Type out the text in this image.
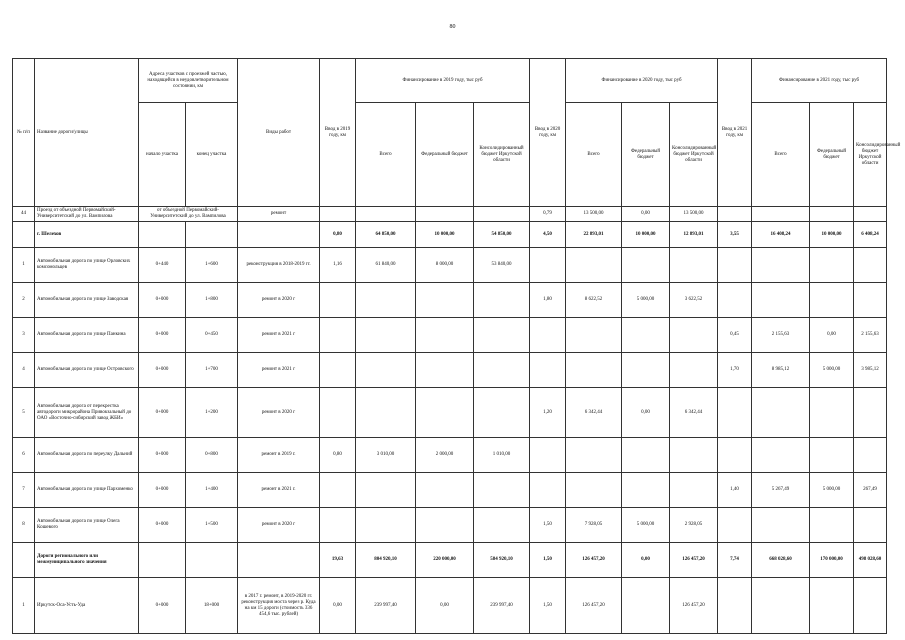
80
№ п/п	Название дороги/улицы	Адреса участков с проезжей частью, находящейся в неудовлетворительном состоянии, км		Виды работ	Ввод в 2019 году, км	Финансирование в 2019 году, тыс руб			Ввод в 2020 году, км	Финансирование в 2020 году, тыс руб			Ввод в 2021 году, км	Финансирование в 2021 году, тыс руб		
		начало участка	конец участка			Всего	Федеральный бюджет	Консолидированный бюджет Иркутской области		Всего	Федеральный бюджет	Консолидированный бюджет Иркутской области		Всего	Федеральный бюджет	Консолидированный бюджет Иркутской области
44	Проезд от объездной Первомайский-Университетский до ул. Вампилова	от объездной Первомайский-Университетский до ул. Вампилова		ремонт					0,79	13 500,00	0,00	13 500,00				
	г. Шелехов				0,80	64 850,00	10 000,00	54 850,00	4,50	22 893,01	10 000,00	12 893,01	3,55	16 408,24	10 000,00	6 408,24
1	Автомобильная дорога по улице Орловских комсомольцев	0+440	1+600	реконструкция в 2018-2019 гг.	1,16	61 840,00	8 000,00	53 840,00								
2	Автомобильная дорога по улице Заводская	0+000	1+800	ремонт в 2020 г					1,80	8 622,52	5 000,00	3 622,52				
3	Автомобильная дорога по улице Панкина	0+000	0+450	ремонт в 2021 г									0,45	2 155,63	0,00	2 155,63
4	Автомобильная дорога по улице Островского	0+000	1+700	ремонт в 2021 г									1,70	8 985,12	5 000,00	3 985,12
5	Автомобильная дорога от перекрестка автодороги микрорайона Привокзальный до ОАО «Восточно-сибирский завод ЖБИ»	0+000	1+200	ремонт в 2020 г					1,20	6 342,44	0,00	6 342,44				
6	Автомобильная дорога по переулку Дальний	0+000	0+800	ремонт в 2019 г.	0,80	3 010,00	2 000,00	1 010,00								
7	Автомобильная дорога по улице Пархоменко	0+000	1+400	ремонт в 2021 г.									1,40	5 267,49	5 000,00	267,49
8	Автомобильная дорога по улице Олега Кошевого	0+000	1+500	ремонт в 2020 г					1,50	7 928,05	5 000,00	2 928,05				
	Дороги регионального или межмуниципального значения				19,63	804 920,10	220 000,00	584 920,10	1,50	126 457,20	0,00	126 457,20	7,74	668 028,60	170 000,00	498 028,60
1	Иркутск-Оса-Усть-Уда	0+000	18+000	в 2017 г. ремонт, в 2019-2020 гг. реконструкция моста через р. Куда на км 15 дороги (стоимость 336 454,6 тыс. рублей)	0,00	239 997,40	0,00	239 997,40	1,50	126 457,20		126 457,20				
